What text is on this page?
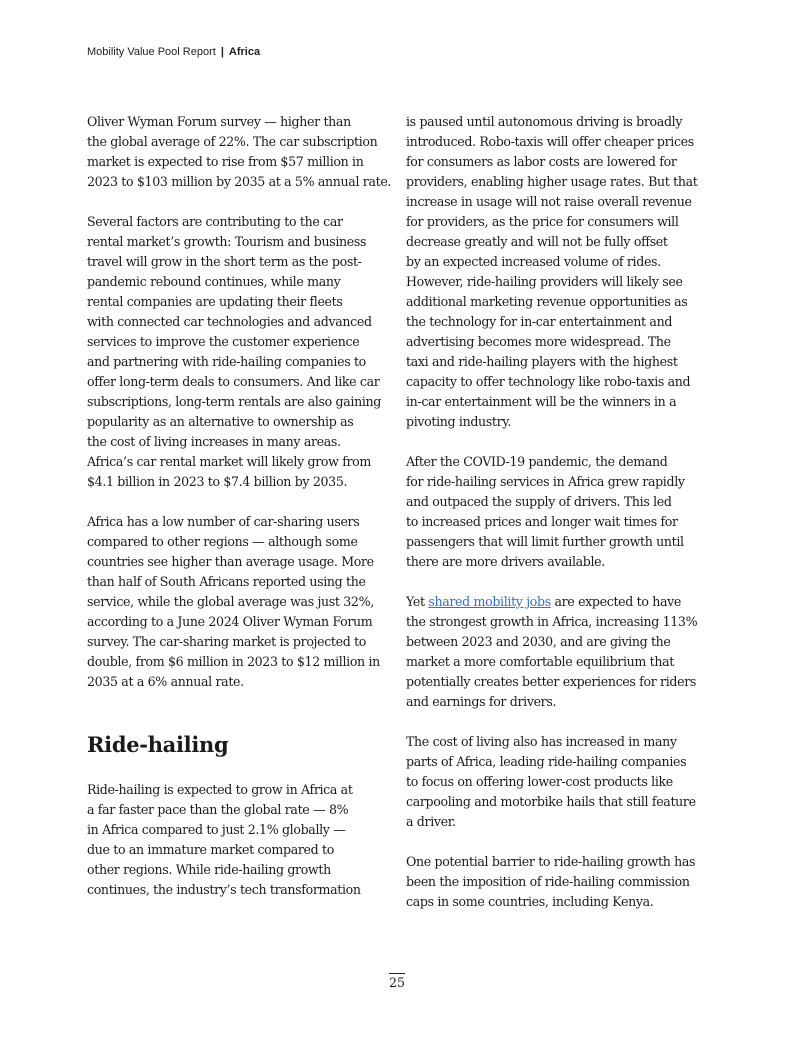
Mobility Value Pool Report | Africa

Oliver Wyman Forum survey — higher than
the global average of 22%. The car subscription
market is expected to rise from $57 million in
2023 to $103 million by 2035 at a 5% annual rate.

Several factors are contributing to the car
rental market’s growth: Tourism and business
travel will grow in the short term as the post-
pandemic rebound continues, while many
rental companies are updating their fleets
with connected car technologies and advanced
services to improve the customer experience
and partnering with ride-hailing companies to
offer long-term deals to consumers. And like car
subscriptions, long-term rentals are also gaining
popularity as an alternative to ownership as
the cost of living increases in many areas.
Africa’s car rental market will likely grow from
$4.1 billion in 2023 to $7.4 billion by 2035.

Africa has a low number of car-sharing users
compared to other regions — although some
countries see higher than average usage. More
than half of South Africans reported using the
service, while the global average was just 32%,
according to a June 2024 Oliver Wyman Forum
survey. The car-sharing market is projected to
double, from $6 million in 2023 to $12 million in
2035 at a 6% annual rate.

Ride-hailing

Ride-hailing is expected to grow in Africa at
a far faster pace than the global rate — 8%
in Africa compared to just 2.1% globally —
due to an immature market compared to
other regions. While ride-hailing growth
continues, the industry’s tech transformation

is paused until autonomous driving is broadly
introduced. Robo-taxis will offer cheaper prices
for consumers as labor costs are lowered for
providers, enabling higher usage rates. But that
increase in usage will not raise overall revenue
for providers, as the price for consumers will
decrease greatly and will not be fully offset
by an expected increased volume of rides.
However, ride-hailing providers will likely see
additional marketing revenue opportunities as
the technology for in-car entertainment and
advertising becomes more widespread. The
taxi and ride-hailing players with the highest
capacity to offer technology like robo-taxis and
in-car entertainment will be the winners in a
pivoting industry.

After the COVID-19 pandemic, the demand
for ride-hailing services in Africa grew rapidly
and outpaced the supply of drivers. This led
to increased prices and longer wait times for
passengers that will limit further growth until
there are more drivers available.

Yet shared mobility jobs are expected to have
the strongest growth in Africa, increasing 113%
between 2023 and 2030, and are giving the
market a more comfortable equilibrium that
potentially creates better experiences for riders
and earnings for drivers.

The cost of living also has increased in many
parts of Africa, leading ride-hailing companies
to focus on offering lower-cost products like
carpooling and motorbike hails that still feature
a driver.

One potential barrier to ride-hailing growth has
been the imposition of ride-hailing commission
caps in some countries, including Kenya.

25
